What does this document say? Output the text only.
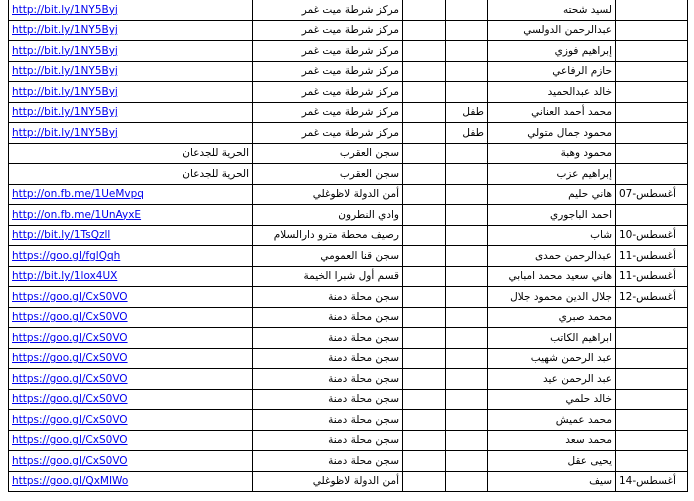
http://bit.ly/1NY5Byj	مركز شرطة ميت غمر			لسيد شحته	
http://bit.ly/1NY5Byj	مركز شرطة ميت غمر			عبدالرحمن الدولسي	
http://bit.ly/1NY5Byj	مركز شرطة ميت غمر			إبراهيم فوزي	
http://bit.ly/1NY5Byj	مركز شرطة ميت غمر			حازم الرفاعي	
http://bit.ly/1NY5Byj	مركز شرطة ميت غمر			خالد عبدالحميد	
http://bit.ly/1NY5Byj	مركز شرطة ميت غمر		طفل	محمد أحمد العناني	
http://bit.ly/1NY5Byj	مركز شرطة ميت غمر		طفل	محمود جمال متولي	
الحرية للجدعان	سجن العقرب			محمود وهبة	
الحرية للجدعان	سجن العقرب			إبراهيم عزب	
http://on.fb.me/1UeMvpq	أمن الدولة لاظوغلي			هاني حليم	أغسطس-07
http://on.fb.me/1UnAyxE	وادي النطرون			احمد الباجوري	
http://bit.ly/1TsQzll	رصيف محطة مترو دارالسلام			شاب	أغسطس-10
https://goo.gl/fglQqh	سجن قنا العمومي			عبدالرحمن حمدى	أغسطس-11
http://bit.ly/1lox4UX	قسم أول شبرا الخيمة			هاني سعيد محمد امبابي	أغسطس-11
https://goo.gl/CxS0VO	سجن محلة دمنة			جلال الدين محمود جلال	أغسطس-12
https://goo.gl/CxS0VO	سجن محلة دمنة			محمد صبري	
https://goo.gl/CxS0VO	سجن محلة دمنة			ابراهيم الكاتب	
https://goo.gl/CxS0VO	سجن محلة دمنة			عبد الرحمن شهيب	
https://goo.gl/CxS0VO	سجن محلة دمنة			عبد الرحمن عيد	
https://goo.gl/CxS0VO	سجن محلة دمنة			خالد حلمي	
https://goo.gl/CxS0VO	سجن محلة دمنة			محمد عميش	
https://goo.gl/CxS0VO	سجن محلة دمنة			محمد سعد	
https://goo.gl/CxS0VO	سجن محلة دمنة			يحيى عقل	
https://goo.gl/QxMIWo	أمن الدولة لاظوغلي			سيف	أغسطس-14
